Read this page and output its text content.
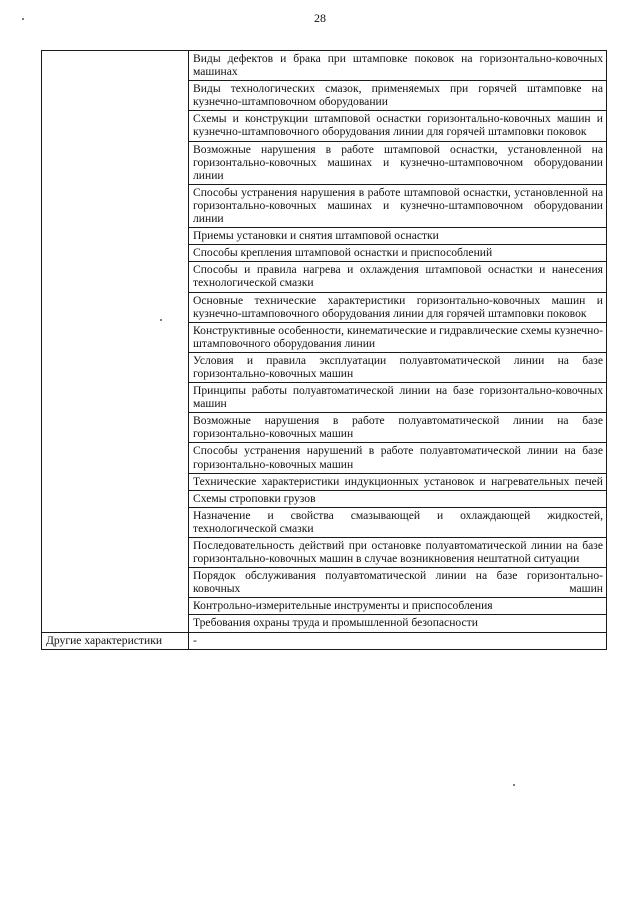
28

	Виды дефектов и брака при штамповке поковок на горизонтально-ковочных машинах

	Виды технологических смазок, применяемых при горячей штамповке на кузнечно-штамповочном оборудовании

	Схемы и конструкции штамповой оснастки горизонтально-ковочных машин и кузнечно-штамповочного оборудования линии для горячей штамповки поковок

	Возможные нарушения в работе штамповой оснастки, установленной на горизонтально-ковочных машинах и кузнечно-штамповочном оборудовании линии

	Способы устранения нарушения в работе штамповой оснастки, установленной на горизонтально-ковочных машинах и кузнечно-штамповочном оборудовании линии

	Приемы установки и снятия штамповой оснастки

	Способы крепления штамповой оснастки и приспособлений

	Способы и правила нагрева и охлаждения штамповой оснастки и нанесения технологической смазки

	Основные технические характеристики горизонтально-ковочных машин и кузнечно-штамповочного оборудования линии для горячей штамповки поковок

	Конструктивные особенности, кинематические и гидравлические схемы кузнечно-штамповочного оборудования линии

	Условия и правила эксплуатации полуавтоматической линии на базе горизонтально-ковочных машин

	Принципы работы полуавтоматической линии на базе горизонтально-ковочных машин

	Возможные нарушения в работе полуавтоматической линии на базе горизонтально-ковочных машин

	Способы устранения нарушений в работе полуавтоматической линии на базе горизонтально-ковочных машин

	Технические характеристики индукционных установок и нагревательных печей

	Схемы строповки грузов

	Назначение и свойства смазывающей и охлаждающей жидкостей, технологической смазки

	Последовательность действий при остановке полуавтоматической линии на базе горизонтально-ковочных машин в случае возникновения нештатной ситуации

	Порядок обслуживания полуавтоматической линии на базе горизонтально-ковочных машин

	Контрольно-измерительные инструменты и приспособления

	Требования охраны труда и промышленной безопасности

Другие характеристики	-
